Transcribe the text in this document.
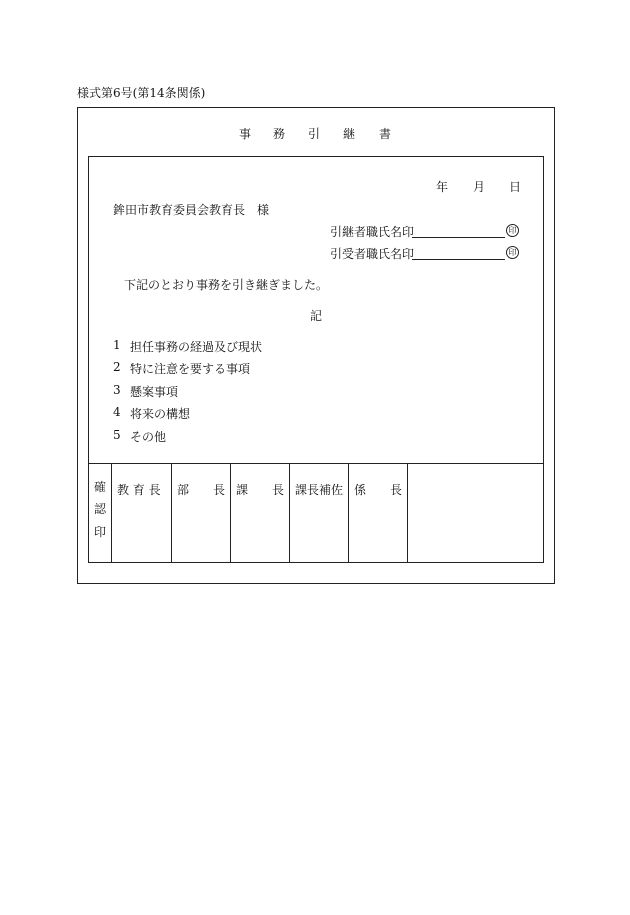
様式第6号(第14条関係)
事 務 引 継 書
年 月 日
鉾田市教育委員会教育長　様
引継者職氏名印	印
引受者職氏名印	印
下記のとおり事務を引き継ぎました。
記
1 担任事務の経過及び現状
2 特に注意を要する事項
3 懸案事項
4 将来の構想
5 その他
確
認
印
教 育 長 部 長 課 長 課長補佐 係 長
